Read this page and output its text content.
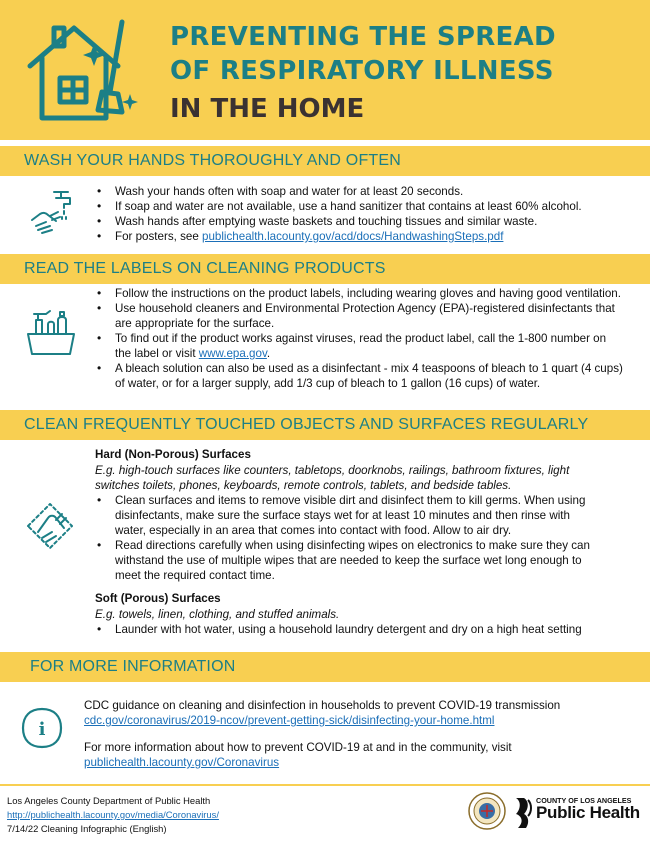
PREVENTING THE SPREAD
OF RESPIRATORY ILLNESS
IN THE HOME
WASH YOUR HANDS THOROUGHLY AND OFTEN
• Wash your hands often with soap and water for at least 20 seconds.
• If soap and water are not available, use a hand sanitizer that contains at least 60% alcohol.
• Wash hands after emptying waste baskets and touching tissues and similar waste.
• For posters, see publichealth.lacounty.gov/acd/docs/HandwashingSteps.pdf
READ THE LABELS ON CLEANING PRODUCTS
• Follow the instructions on the product labels, including wearing gloves and having good ventilation.
• Use household cleaners and Environmental Protection Agency (EPA)-registered disinfectants that
are appropriate for the surface.
• To find out if the product works against viruses, read the product label, call the 1-800 number on
the label or visit www.epa.gov.
• A bleach solution can also be used as a disinfectant - mix 4 teaspoons of bleach to 1 quart (4 cups)
of water, or for a larger supply, add 1/3 cup of bleach to 1 gallon (16 cups) of water.
CLEAN FREQUENTLY TOUCHED OBJECTS AND SURFACES REGULARLY
Hard (Non-Porous) Surfaces
E.g. high-touch surfaces like counters, tabletops, doorknobs, railings, bathroom fixtures, light
switches toilets, phones, keyboards, remote controls, tablets, and bedside tables.
• Clean surfaces and items to remove visible dirt and disinfect them to kill germs. When using
disinfectants, make sure the surface stays wet for at least 10 minutes and then rinse with
water, especially in an area that comes into contact with food. Allow to air dry.
• Read directions carefully when using disinfecting wipes on electronics to make sure they can
withstand the use of multiple wipes that are needed to keep the surface wet long enough to
meet the required contact time.
Soft (Porous) Surfaces
E.g. towels, linen, clothing, and stuffed animals.
• Launder with hot water, using a household laundry detergent and dry on a high heat setting
FOR MORE INFORMATION
i
CDC guidance on cleaning and disinfection in households to prevent COVID-19 transmission
cdc.gov/coronavirus/2019-ncov/prevent-getting-sick/disinfecting-your-home.html
For more information about how to prevent COVID-19 at and in the community, visit
publichealth.lacounty.gov/Coronavirus
Los Angeles County Department of Public Health
http://publichealth.lacounty.gov/media/Coronavirus/
7/14/22 Cleaning Infographic (English)
COUNTY OF LOS ANGELES
Public Health
